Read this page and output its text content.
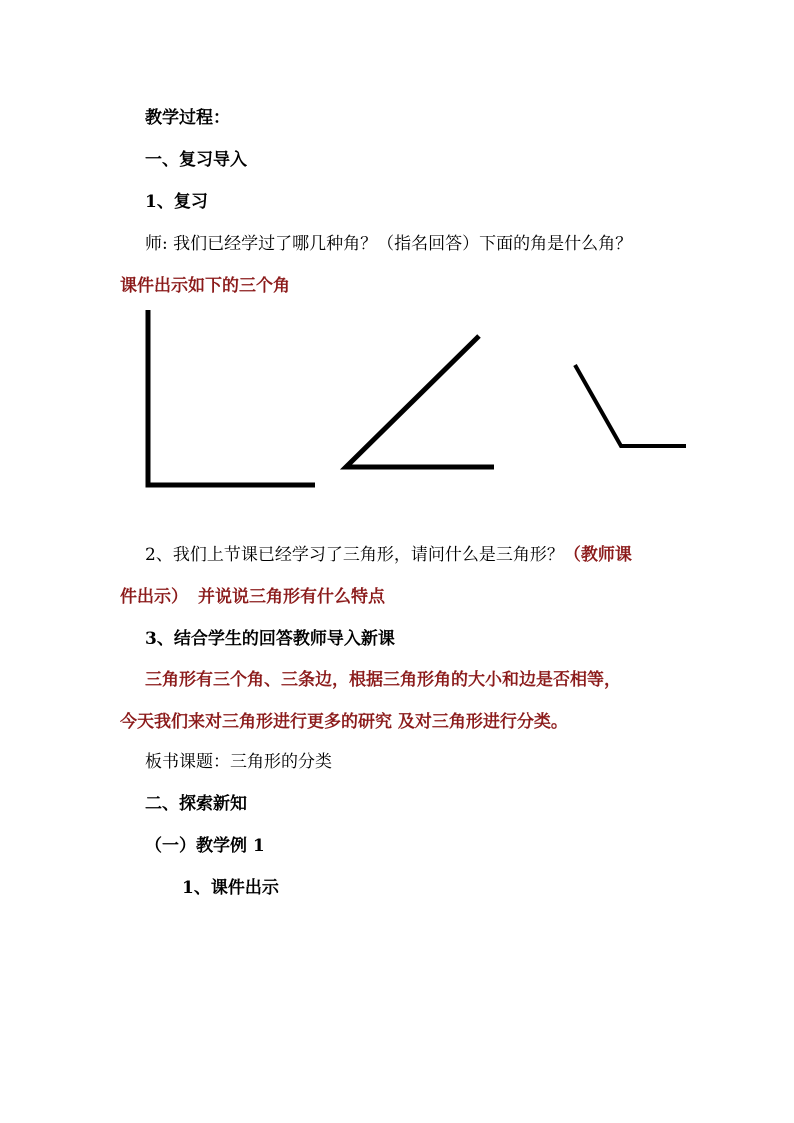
教学过程：
一、复习导入
1、复习
师: 我们已经学过了哪几种角？（指名回答）下面的角是什么角？
课件出示如下的三个角
2、我们上节课已经学习了三角形，请问什么是三角形？（教师课
件出示） 并说说三角形有什么特点
3、结合学生的回答教师导入新课
三角形有三个角、三条边，根据三角形角的大小和边是否相等，
今天我们来对三角形进行更多的研究 及对三角形进行分类。
板书课题：三角形的分类
二、探索新知
（一）教学例 1
1、课件出示
